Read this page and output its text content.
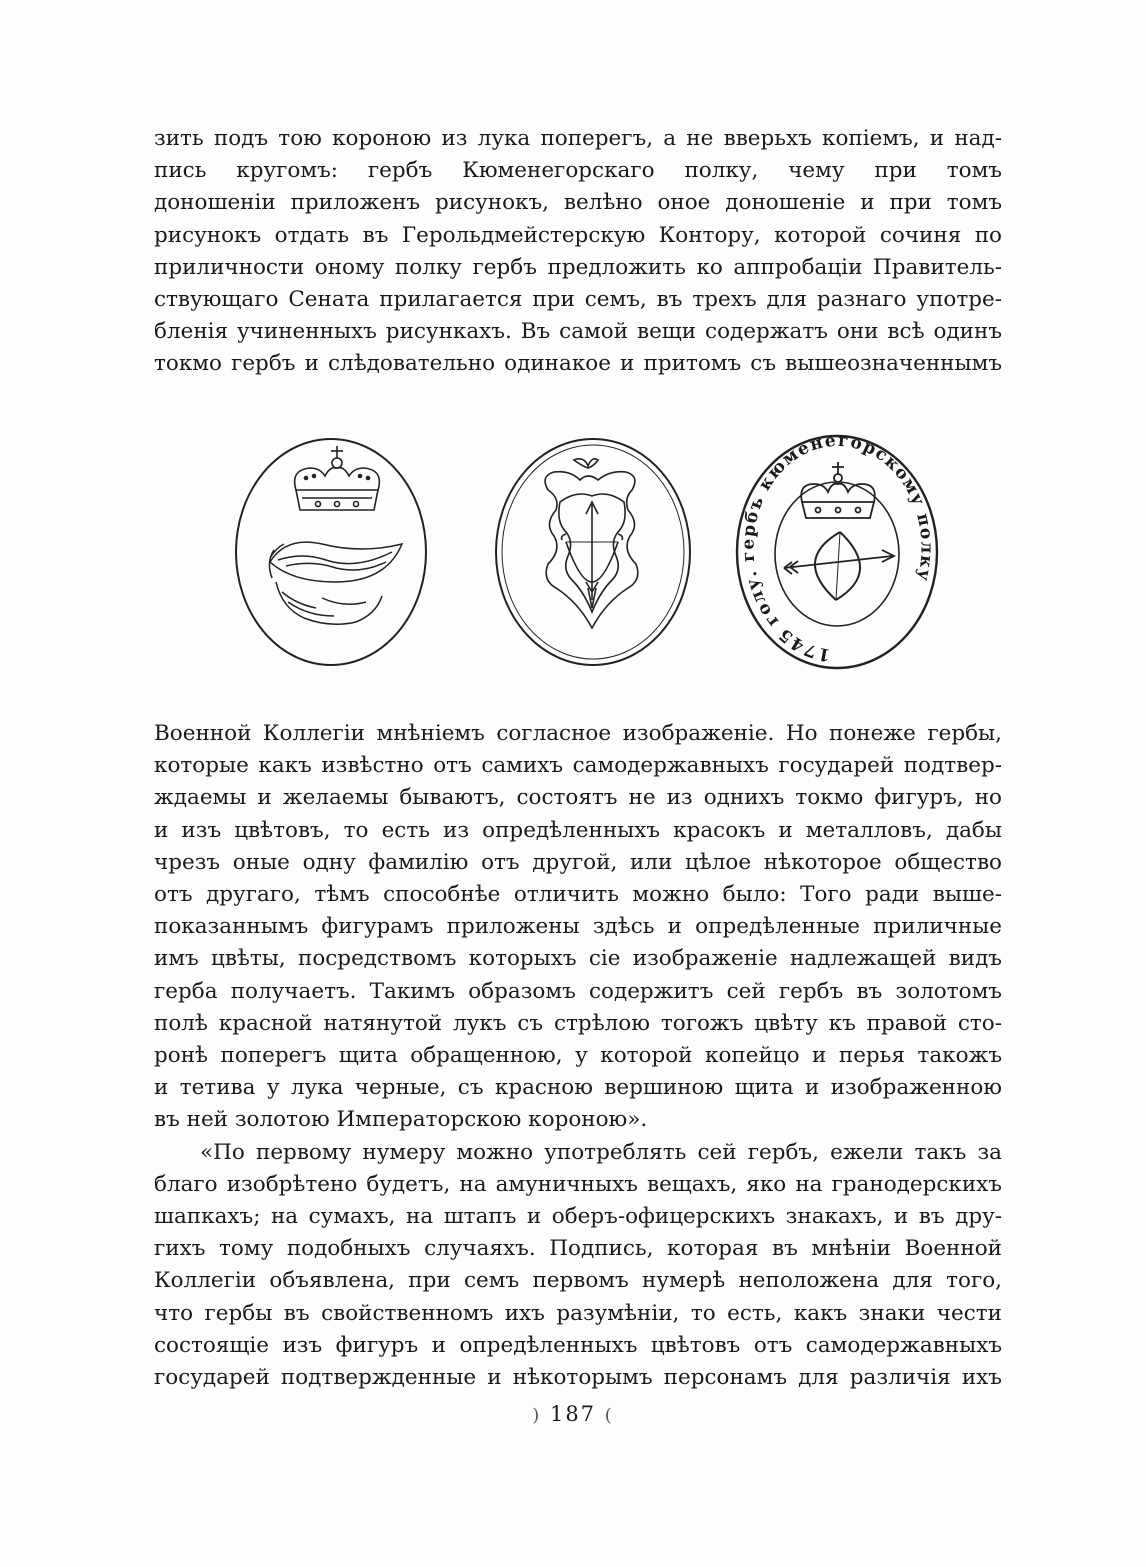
зить подъ тою короною из лука поперегъ, а не вверьхъ копіемъ, и над-
пись кругомъ: гербъ Кюменегорскаго полку, чему при томъ
доношеніи приложенъ рисунокъ, велѣно оное доношеніе и при томъ
рисунокъ отдать въ Герольдмейстерскую Контору, которой сочиня по
приличности оному полку гербъ предложить ко аппробаціи Правитель-
ствующаго Сената прилагается при семъ, въ трехъ для разнаго употре-
бленія учиненныхъ рисункахъ. Въ самой вещи содержатъ они всѣ одинъ
токмо гербъ и слѣдовательно одинакое и притомъ съ вышеозначеннымъ
1745 голу. гербъ кюменегорскому полку
Военной Коллегіи мнѣніемъ согласное изображеніе. Но понеже гербы,
которые какъ извѣстно отъ самихъ самодержавныхъ государей подтвер-
ждаемы и желаемы бываютъ, состоятъ не из однихъ токмо фигуръ, но
и изъ цвѣтовъ, то есть из опредѣленныхъ красокъ и металловъ, дабы
чрезъ оные одну фамилію отъ другой, или цѣлое нѣкоторое общество
отъ другаго, тѣмъ способнѣе отличить можно было: Того ради выше-
показаннымъ фигурамъ приложены здѣсь и опредѣленные приличные
имъ цвѣты, посредствомъ которыхъ сіе изображеніе надлежащей видъ
герба получаетъ. Такимъ образомъ содержитъ сей гербъ въ золотомъ
полѣ красной натянутой лукъ съ стрѣлою тогожъ цвѣту къ правой сто-
ронѣ поперегъ щита обращенною, у которой копейцо и перья такожъ
и тетива у лука черные, съ красною вершиною щита и изображенною
въ ней золотою Императорскою короною».
«По первому нумеру можно употреблять сей гербъ, ежели такъ за
благо изобрѣтено будетъ, на амуничныхъ вещахъ, яко на гранодерскихъ
шапкахъ; на сумахъ, на штапъ и оберъ-офицерскихъ знакахъ, и въ дру-
гихъ тому подобныхъ случаяхъ. Подпись, которая въ мнѣніи Военной
Коллегіи объявлена, при семъ первомъ нумерѣ неположена для того,
что гербы въ свойственномъ ихъ разумѣніи, то есть, какъ знаки чести
состоящіе изъ фигуръ и опредѣленныхъ цвѣтовъ отъ самодержавныхъ
государей подтвержденные и нѣкоторымъ персонамъ для различія ихъ
) 187 (
